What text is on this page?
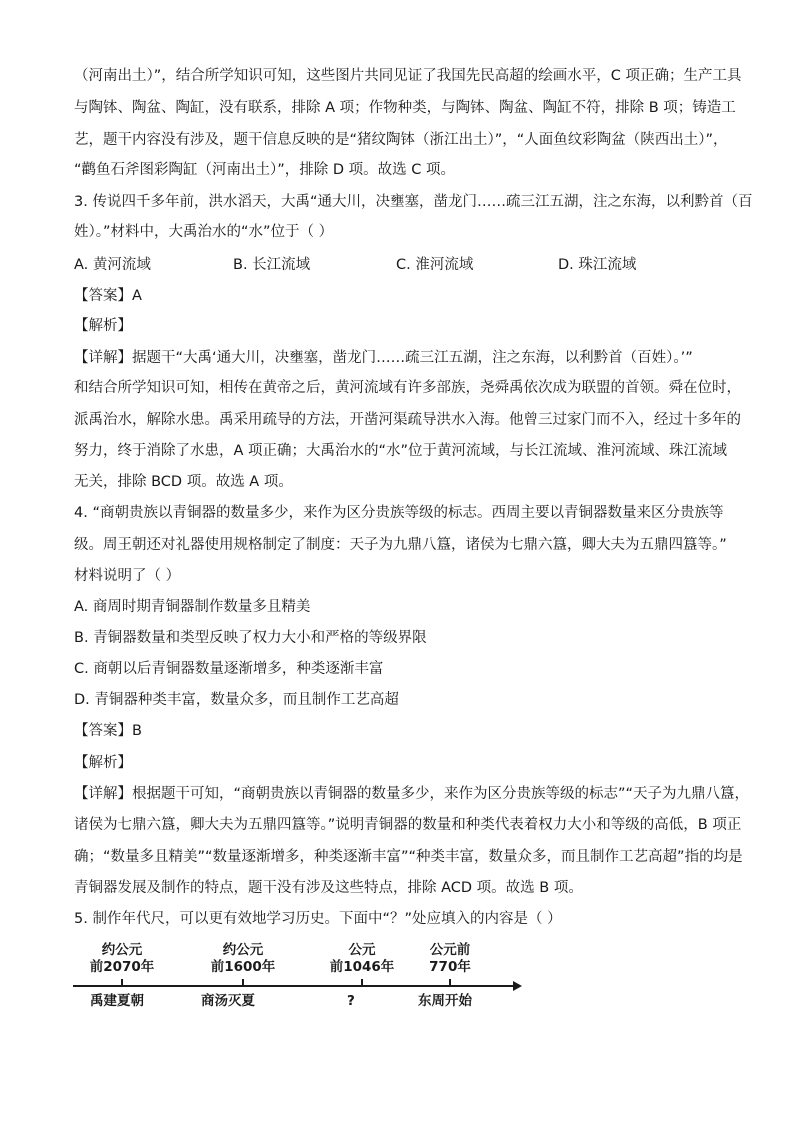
（河南出土）”，结合所学知识可知，这些图片共同见证了我国先民高超的绘画水平，C 项正确；生产工具
与陶钵、陶盆、陶缸，没有联系，排除 A 项；作物种类，与陶钵、陶盆、陶缸不符，排除 B 项；铸造工
艺，题干内容没有涉及，题干信息反映的是“猪纹陶钵（浙江出土）”，“人面鱼纹彩陶盆（陕西出土）”，
“鹳鱼石斧图彩陶缸（河南出土）”，排除 D 项。故选 C 项。
3. 传说四千多年前，洪水滔天，大禹“通大川，决壅塞，凿龙门……疏三江五湖，注之东海，以利黔首（百
姓）。”材料中，大禹治水的“水”位于（ ）
A. 黄河流域	B. 长江流域	C. 淮河流域	D. 珠江流域
【答案】A
【解析】
【详解】据题干“大禹‘通大川，决壅塞，凿龙门……疏三江五湖，注之东海，以利黔首（百姓）。’”
和结合所学知识可知，相传在黄帝之后，黄河流域有许多部族，尧舜禹依次成为联盟的首领。舜在位时，
派禹治水，解除水患。禹采用疏导的方法，开凿河渠疏导洪水入海。他曾三过家门而不入，经过十多年的
努力，终于消除了水患，A 项正确；大禹治水的“水”位于黄河流域，与长江流域、淮河流域、珠江流域
无关，排除 BCD 项。故选 A 项。
4. “商朝贵族以青铜器的数量多少，来作为区分贵族等级的标志。西周主要以青铜器数量来区分贵族等
级。周王朝还对礼器使用规格制定了制度：天子为九鼎八簋，诸侯为七鼎六簋，卿大夫为五鼎四簋等。”
材料说明了（ ）
A. 商周时期青铜器制作数量多且精美
B. 青铜器数量和类型反映了权力大小和严格的等级界限
C. 商朝以后青铜器数量逐渐增多，种类逐渐丰富
D. 青铜器种类丰富，数量众多，而且制作工艺高超
【答案】B
【解析】
【详解】根据题干可知，“商朝贵族以青铜器的数量多少，来作为区分贵族等级的标志”“天子为九鼎八簋，
诸侯为七鼎六簋，卿大夫为五鼎四簋等。”说明青铜器的数量和种类代表着权力大小和等级的高低，B 项正
确；“数量多且精美”“数量逐渐增多，种类逐渐丰富”“种类丰富，数量众多，而且制作工艺高超”指的均是
青铜器发展及制作的特点，题干没有涉及这些特点，排除 ACD 项。故选 B 项。
5. 制作年代尺，可以更有效地学习历史。下面中“？”处应填入的内容是（ ）
约公元
前2070年
约公元
前1600年
公元
前1046年
公元前
770年
禹建夏朝	商汤灭夏	?	东周开始
